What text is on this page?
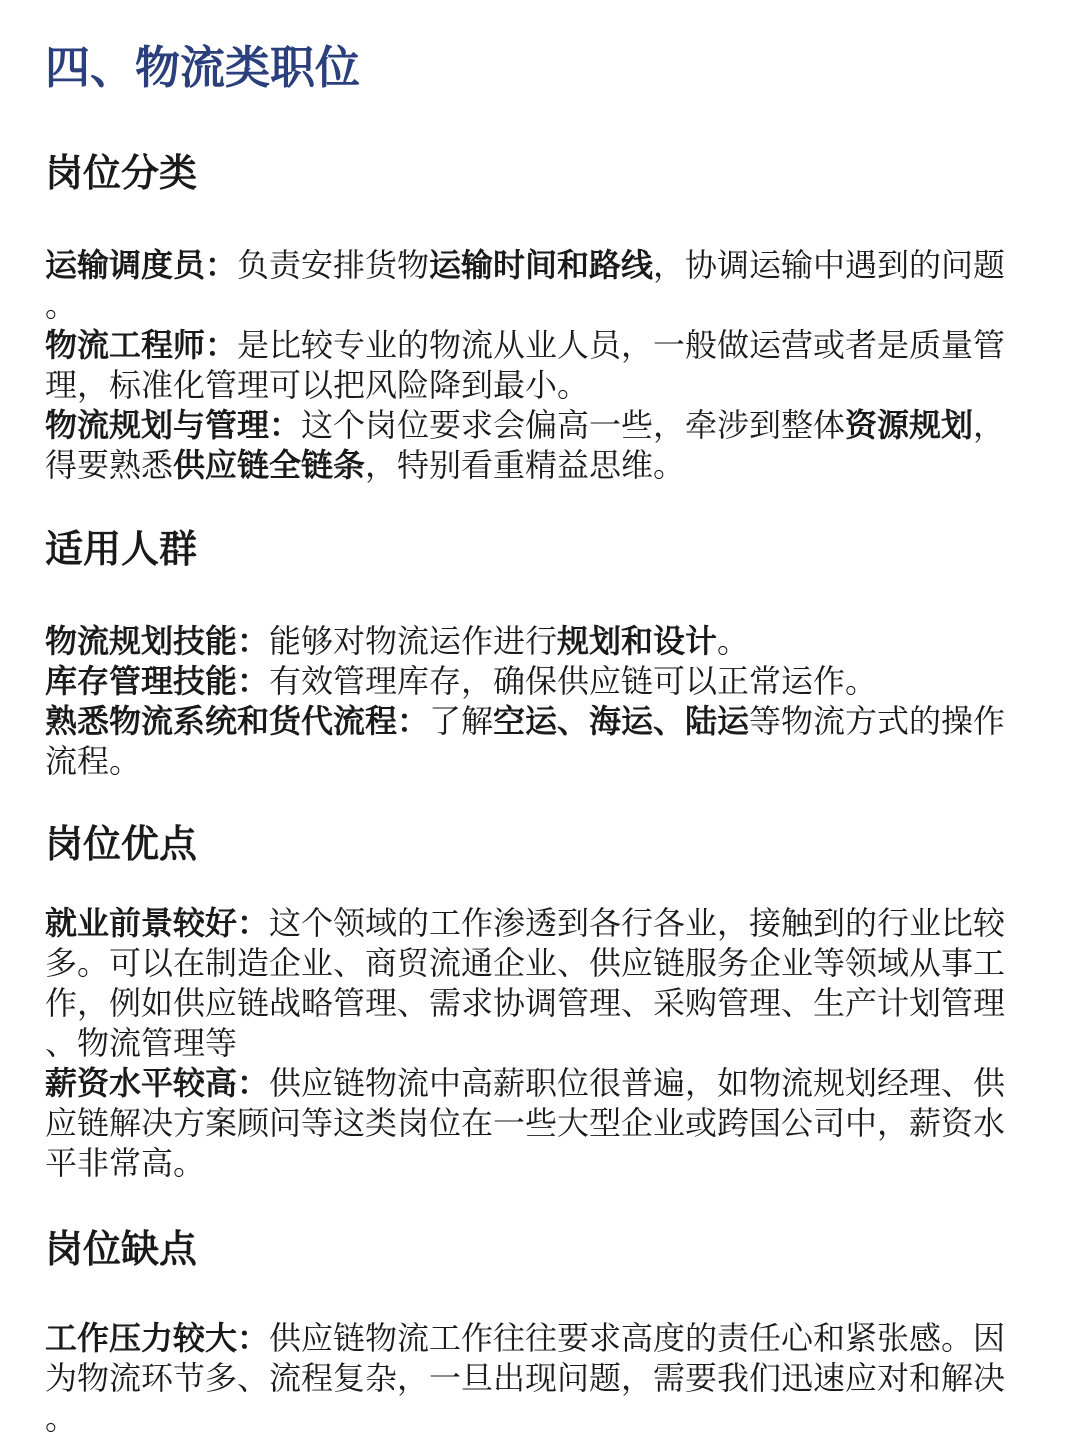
四、物流类职位
岗位分类

运输调度员：负责安排货物运输时间和路线，协调运输中遇到的问题。

物流工程师：是比较专业的物流从业人员，一般做运营或者是质量管理，标准化管理可以把风险降到最小。

物流规划与管理：这个岗位要求会偏高一些，牵涉到整体资源规划，得要熟悉供应链全链条，特别看重精益思维。

适用人群

物流规划技能：能够对物流运作进行规划和设计。

库存管理技能：有效管理库存，确保供应链可以正常运作。

熟悉物流系统和货代流程：了解空运、海运、陆运等物流方式的操作流程。

岗位优点

就业前景较好：这个领域的工作渗透到各行各业，接触到的行业比较多。可以在制造企业、商贸流通企业、供应链服务企业等领域从事工作，例如供应链战略管理、需求协调管理、采购管理、生产计划管理、物流管理等

薪资水平较高：供应链物流中高薪职位很普遍，如物流规划经理、供应链解决方案顾问等这类岗位在一些大型企业或跨国公司中，薪资水平非常高。

岗位缺点

工作压力较大：供应链物流工作往往要求高度的责任心和紧张感。因为物流环节多、流程复杂，一旦出现问题，需要我们迅速应对和解决。
